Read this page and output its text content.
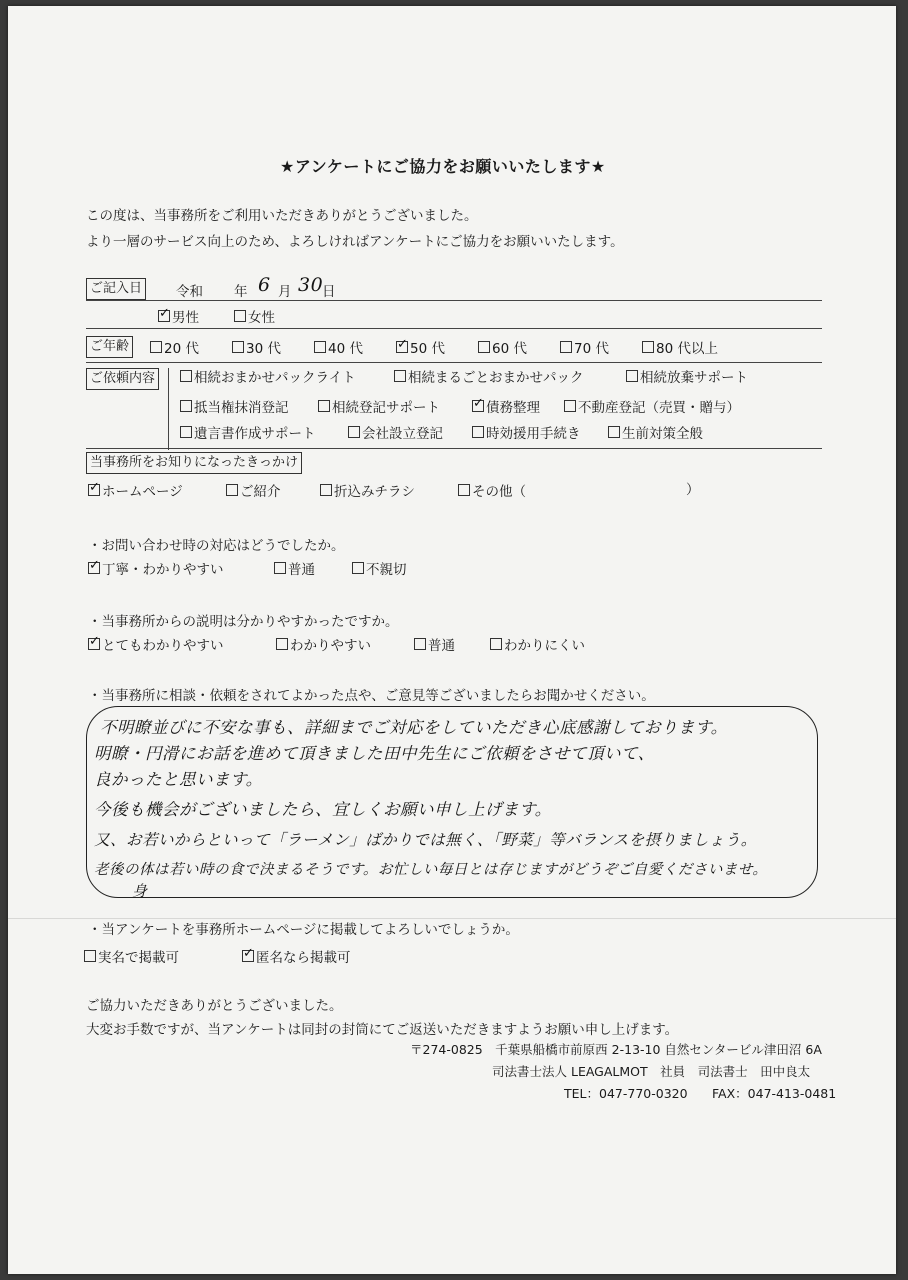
★アンケートにご協力をお願いいたします★
この度は、当事務所をご利用いただきありがとうございました。
より一層のサービス向上のため、よろしければアンケートにご協力をお願いいたします。
ご記入日	令和 年 6 月 30
日
✓
男性	女性
ご年齢	20 代	30 代	40 代 ✓	50 代	60 代	70 代	80 代以上
ご依頼内容	相続おまかせパックライト	相続まるごとおまかせパック	相続放棄サポート
抵当権抹消登記	相続登記サポート ✓	債務整理	不動産登記（売買・贈与）
遺言書作成サポート	会社設立登記	時効援用手続き	生前対策全般
当事務所をお知りになったきっかけ
✓
ホームページ	ご紹介	折込みチラシ	その他（	）
・お問い合わせ時の対応はどうでしたか。
✓
丁寧・わかりやすい	普通	不親切
・当事務所からの説明は分かりやすかったですか。
✓
とてもわかりやすい	わかりやすい	普通	わかりにくい
・当事務所に相談・依頼をされてよかった点や、ご意見等ございましたらお聞かせください。
不明瞭並びに不安な事も、詳細までご対応をしていただき心底感謝しております。
明瞭・円滑にお話を進めて頂きました田中先生にご依頼をさせて頂いて、
良かったと思います。
今後も機会がございましたら、宜しくお願い申し上げます。
又、お若いからといって「ラーメン」ばかりでは無く、「野菜」等バランスを摂りましょう。
老後の体は若い時の食で決まるそうです。お忙しい毎日とは存じますがどうぞご自愛くださいませ。
身
・当アンケートを事務所ホームページに掲載してよろしいでしょうか。
実名で掲載可 ✓	匿名なら掲載可
ご協力いただきありがとうございました。
大変お手数ですが、当アンケートは同封の封筒にてご返送いただきますようお願い申し上げます。
〒274-0825　千葉県船橋市前原西 2-13-10 自然センタービル津田沼 6A
司法書士法人 LEAGALMOT　社員　司法書士　田中良太
TEL：047-770-0320 FAX：047-413-0481
